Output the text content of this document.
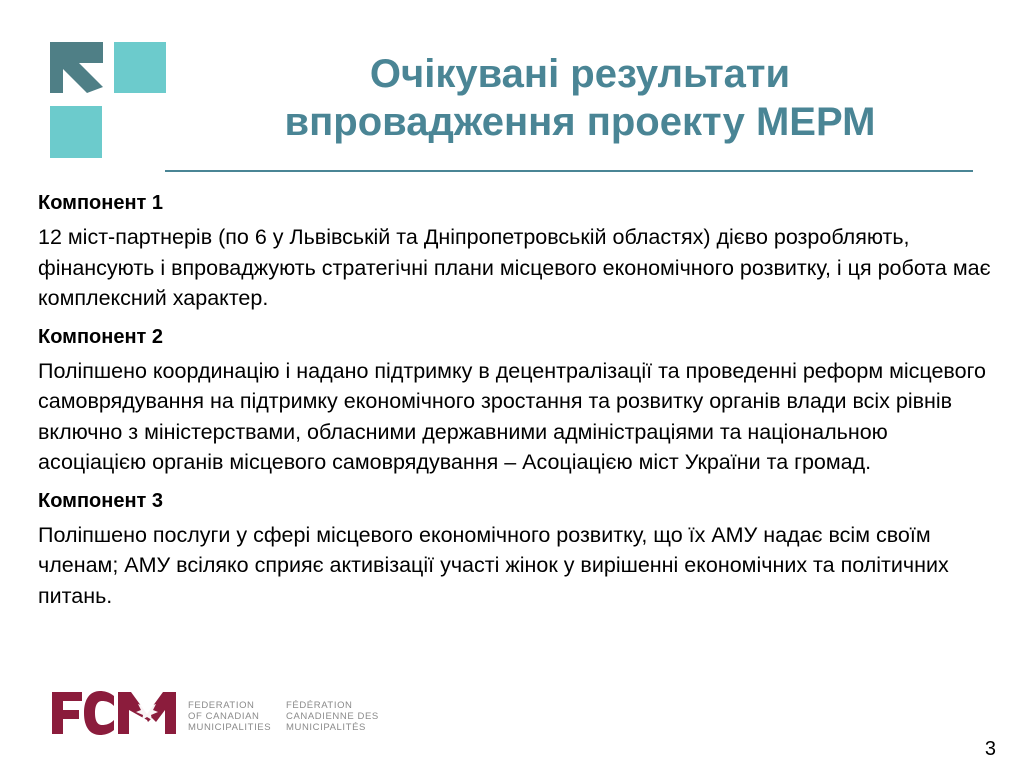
Очікувані результати
впровадження проекту МЕРМ

Компонент 1

12 міст-партнерів (по 6 у Львівській та Дніпропетровській областях) дієво розробляють, фінансують і впроваджують стратегічні плани місцевого економічного розвитку, і ця робота має комплексний характер.

Компонент 2

Поліпшено координацію і надано підтримку в децентралізації та проведенні реформ місцевого самоврядування на підтримку економічного зростання та розвитку органів влади всіх рівнів включно з міністерствами, обласними державними адміністраціями та національною асоціацією органів місцевого самоврядування – Асоціацією міст України та громад.

Компонент 3

Поліпшено послуги у сфері місцевого економічного розвитку, що їх АМУ надає всім своїм членам; АМУ всіляко сприяє активізації участі жінок у вирішенні економічних та політичних питань.

FEDERATION
OF CANADIAN
MUNICIPALITIES
FÉDÉRATION
CANADIENNE DES
MUNICIPALITÉS
3
